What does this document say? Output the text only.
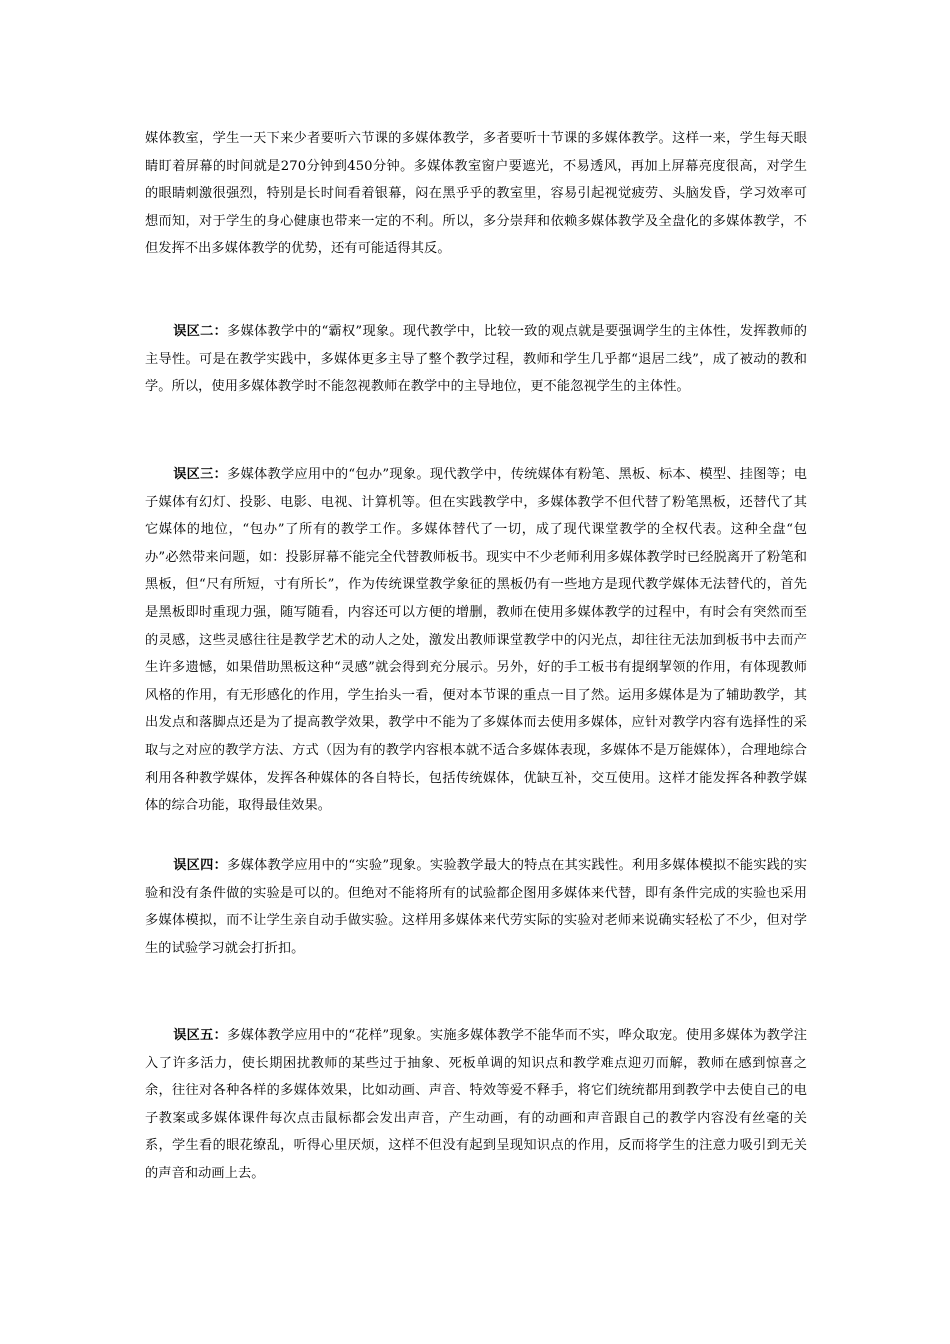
媒体教室，学生一天下来少者要听六节课的多媒体教学，多者要听十节课的多媒体教学。这样一来，学生每天眼睛盯着屏幕的时间就是270分钟到450分钟。多媒体教室窗户要遮光，不易透风，再加上屏幕亮度很高，对学生的眼睛刺激很强烈，特别是长时间看着银幕，闷在黑乎乎的教室里，容易引起视觉疲劳、头脑发昏，学习效率可想而知，对于学生的身心健康也带来一定的不利。所以，多分崇拜和依赖多媒体教学及全盘化的多媒体教学，不但发挥不出多媒体教学的优势，还有可能适得其反。

误区二：多媒体教学中的“霸权”现象。现代教学中，比较一致的观点就是要强调学生的主体性，发挥教师的主导性。可是在教学实践中，多媒体更多主导了整个教学过程，教师和学生几乎都“退居二线”，成了被动的教和学。所以，使用多媒体教学时不能忽视教师在教学中的主导地位，更不能忽视学生的主体性。

误区三：多媒体教学应用中的“包办”现象。现代教学中，传统媒体有粉笔、黑板、标本、模型、挂图等；电子媒体有幻灯、投影、电影、电视、计算机等。但在实践教学中，多媒体教学不但代替了粉笔黑板，还替代了其它媒体的地位，“包办”了所有的教学工作。多媒体替代了一切，成了现代课堂教学的全权代表。这种全盘“包办”必然带来问题，如：投影屏幕不能完全代替教师板书。现实中不少老师利用多媒体教学时已经脱离开了粉笔和黑板，但“尺有所短，寸有所长”，作为传统课堂教学象征的黑板仍有一些地方是现代教学媒体无法替代的，首先是黑板即时重现力强，随写随看，内容还可以方便的增删，教师在使用多媒体教学的过程中，有时会有突然而至的灵感，这些灵感往往是教学艺术的动人之处，激发出教师课堂教学中的闪光点，却往往无法加到板书中去而产生许多遗憾，如果借助黑板这种“灵感”就会得到充分展示。另外，好的手工板书有提纲挈领的作用，有体现教师风格的作用，有无形感化的作用，学生抬头一看，便对本节课的重点一目了然。运用多媒体是为了辅助教学，其出发点和落脚点还是为了提高教学效果，教学中不能为了多媒体而去使用多媒体，应针对教学内容有选择性的采取与之对应的教学方法、方式（因为有的教学内容根本就不适合多媒体表现，多媒体不是万能媒体），合理地综合利用各种教学媒体，发挥各种媒体的各自特长，包括传统媒体，优缺互补，交互使用。这样才能发挥各种教学媒体的综合功能，取得最佳效果。

误区四：多媒体教学应用中的“实验”现象。实验教学最大的特点在其实践性。利用多媒体模拟不能实践的实验和没有条件做的实验是可以的。但绝对不能将所有的试验都企图用多媒体来代替，即有条件完成的实验也采用多媒体模拟，而不让学生亲自动手做实验。这样用多媒体来代劳实际的实验对老师来说确实轻松了不少，但对学生的试验学习就会打折扣。

误区五：多媒体教学应用中的“花样”现象。实施多媒体教学不能华而不实，哗众取宠。使用多媒体为教学注入了许多活力，使长期困扰教师的某些过于抽象、死板单调的知识点和教学难点迎刃而解，教师在感到惊喜之余，往往对各种各样的多媒体效果，比如动画、声音、特效等爱不释手，将它们统统都用到教学中去使自己的电子教案或多媒体课件每次点击鼠标都会发出声音，产生动画，有的动画和声音跟自己的教学内容没有丝毫的关系，学生看的眼花缭乱，听得心里厌烦，这样不但没有起到呈现知识点的作用，反而将学生的注意力吸引到无关的声音和动画上去。
